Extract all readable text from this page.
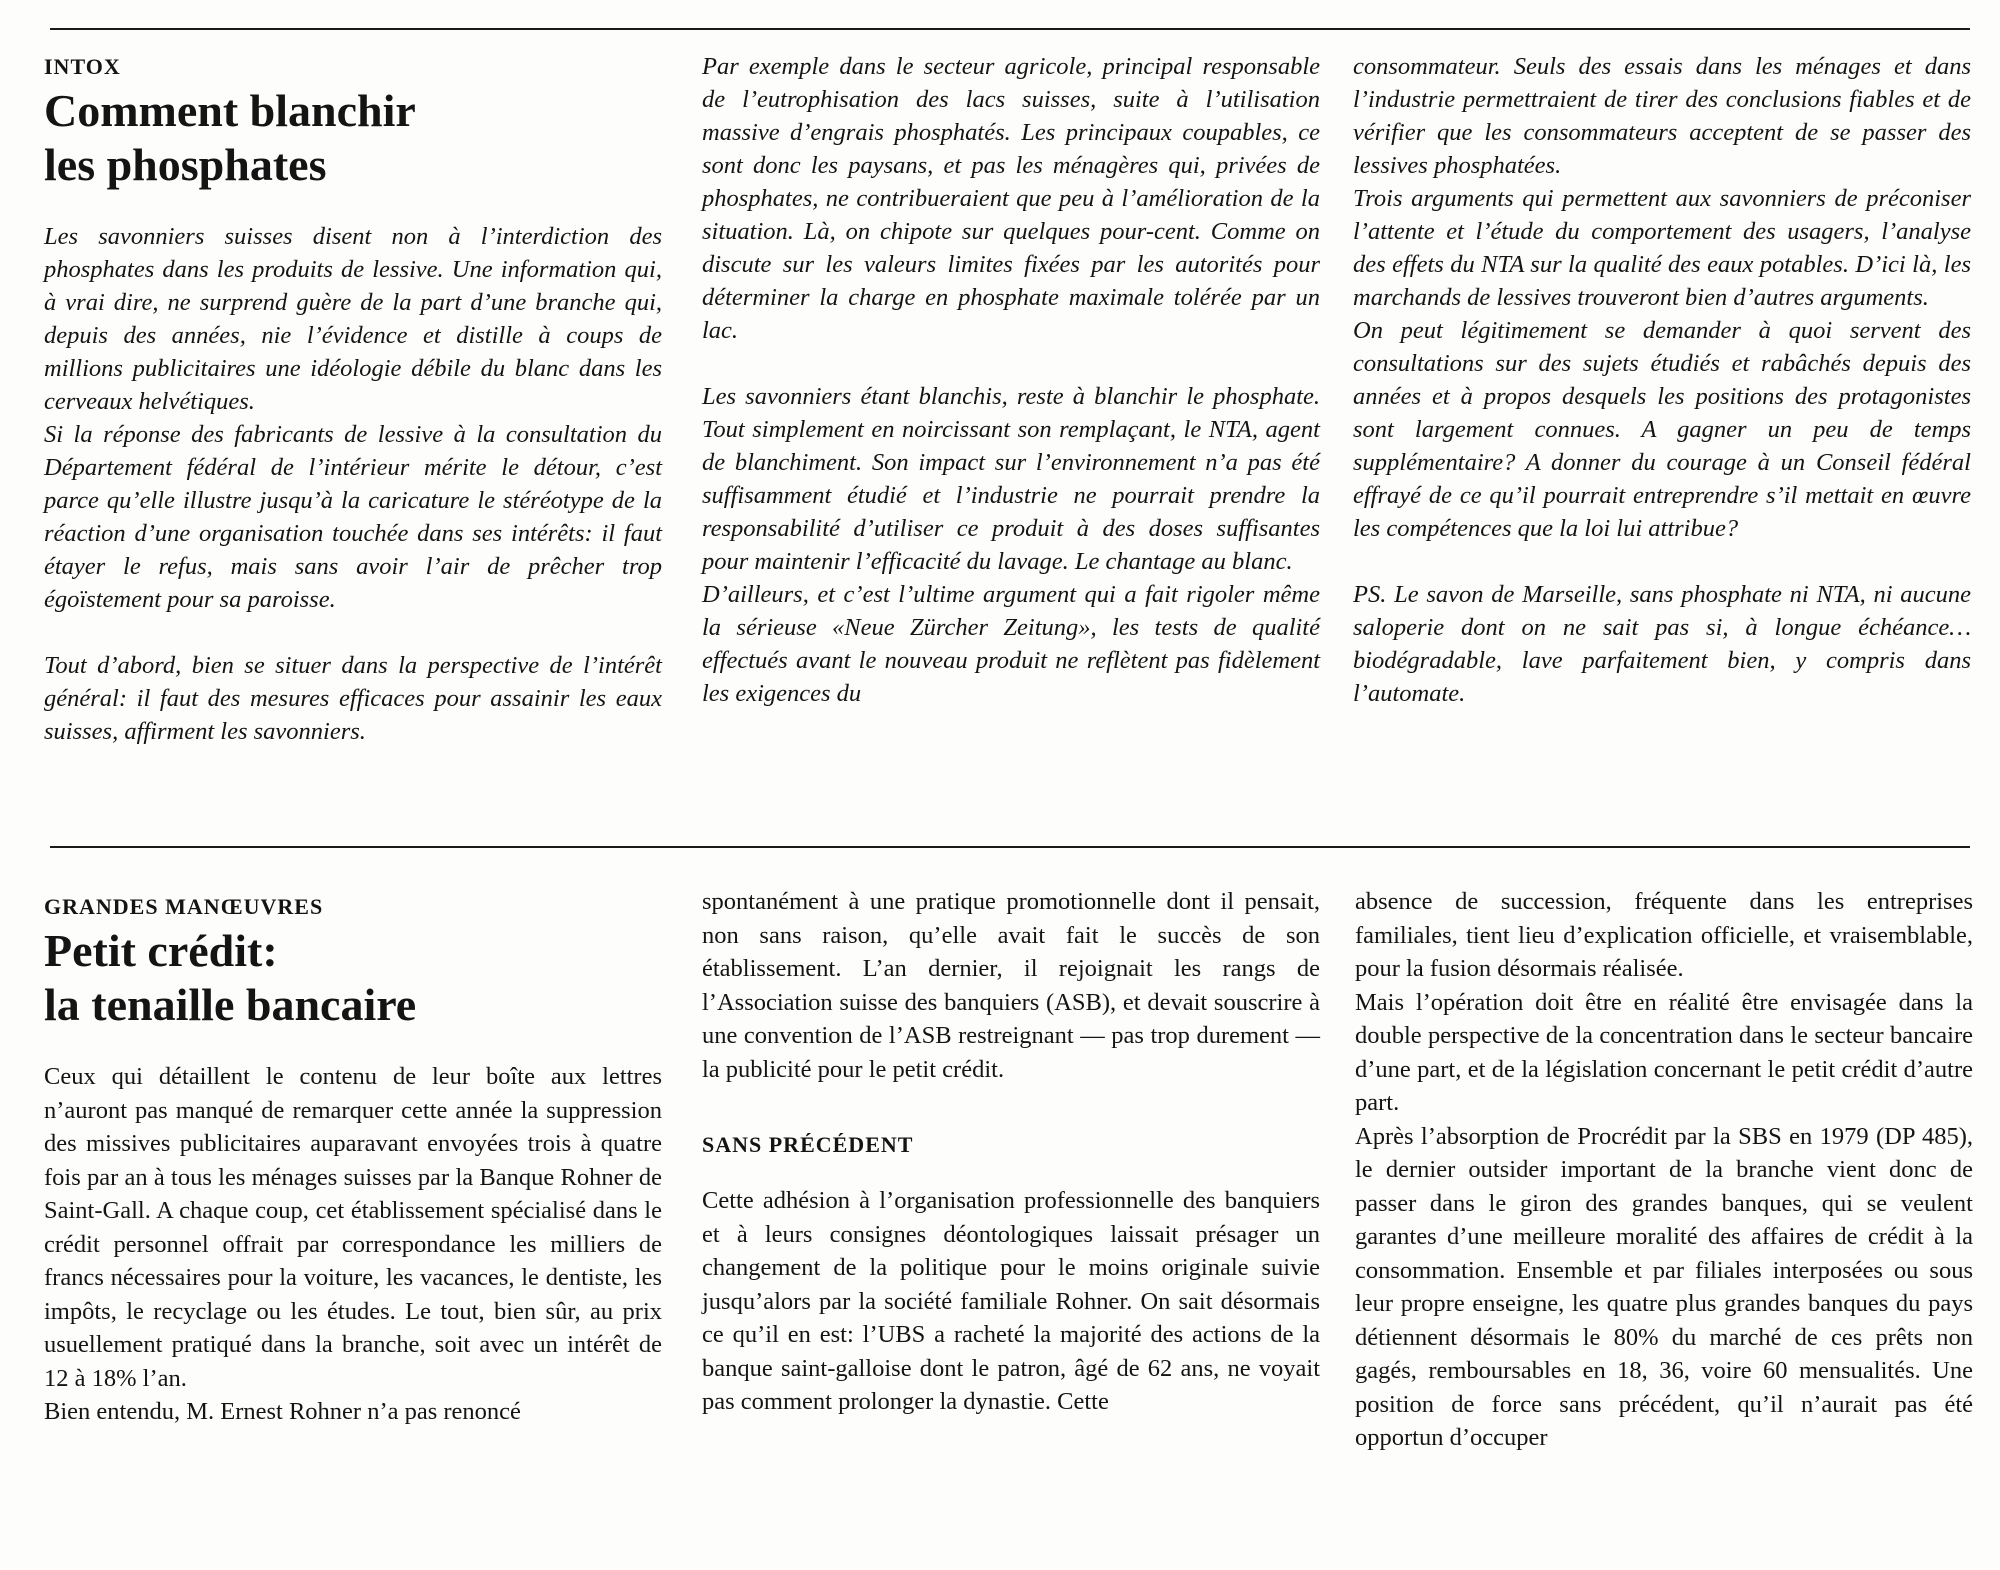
INTOX
Comment blanchir
les phosphates

Les savonniers suisses disent non à l’interdiction des phosphates dans les produits de lessive. Une information qui, à vrai dire, ne surprend guère de la part d’une branche qui, depuis des années, nie l’évidence et distille à coups de millions publicitaires une idéologie débile du blanc dans les cerveaux helvétiques.

Si la réponse des fabricants de lessive à la consultation du Département fédéral de l’intérieur mérite le détour, c’est parce qu’elle illustre jusqu’à la caricature le stéréotype de la réaction d’une organisation touchée dans ses intérêts: il faut étayer le refus, mais sans avoir l’air de prêcher trop égoïstement pour sa paroisse.

Tout d’abord, bien se situer dans la perspective de l’intérêt général: il faut des mesures efficaces pour assainir les eaux suisses, affirment les savonniers.

Par exemple dans le secteur agricole, principal responsable de l’eutrophisation des lacs suisses, suite à l’utilisation massive d’engrais phosphatés. Les principaux coupables, ce sont donc les paysans, et pas les ménagères qui, privées de phosphates, ne contribueraient que peu à l’amélioration de la situation. Là, on chipote sur quelques pour-cent. Comme on discute sur les valeurs limites fixées par les autorités pour déterminer la charge en phosphate maximale tolérée par un lac.

Les savonniers étant blanchis, reste à blanchir le phosphate. Tout simplement en noircissant son remplaçant, le NTA, agent de blanchiment. Son impact sur l’environnement n’a pas été suffisamment étudié et l’industrie ne pourrait prendre la responsabilité d’utiliser ce produit à des doses suffisantes pour maintenir l’efficacité du lavage. Le chantage au blanc.

D’ailleurs, et c’est l’ultime argument qui a fait rigoler même la sérieuse «Neue Zürcher Zeitung», les tests de qualité effectués avant le nouveau produit ne reflètent pas fidèlement les exigences du

consommateur. Seuls des essais dans les ménages et dans l’industrie permettraient de tirer des conclusions fiables et de vérifier que les consommateurs acceptent de se passer des lessives phosphatées.

Trois arguments qui permettent aux savonniers de préconiser l’attente et l’étude du comportement des usagers, l’analyse des effets du NTA sur la qualité des eaux potables. D’ici là, les marchands de lessives trouveront bien d’autres arguments.

On peut légitimement se demander à quoi servent des consultations sur des sujets étudiés et rabâchés depuis des années et à propos desquels les positions des protagonistes sont largement connues. A gagner un peu de temps supplémentaire? A donner du courage à un Conseil fédéral effrayé de ce qu’il pourrait entreprendre s’il mettait en œuvre les compétences que la loi lui attribue?

PS. Le savon de Marseille, sans phosphate ni NTA, ni aucune saloperie dont on ne sait pas si, à longue échéance… biodégradable, lave parfaitement bien, y compris dans l’automate.

GRANDES MANŒUVRES
Petit crédit:
la tenaille bancaire

Ceux qui détaillent le contenu de leur boîte aux lettres n’auront pas manqué de remarquer cette année la suppression des missives publicitaires auparavant envoyées trois à quatre fois par an à tous les ménages suisses par la Banque Rohner de Saint-Gall. A chaque coup, cet établissement spécialisé dans le crédit personnel offrait par correspondance les milliers de francs nécessaires pour la voiture, les vacances, le dentiste, les impôts, le recyclage ou les études. Le tout, bien sûr, au prix usuellement pratiqué dans la branche, soit avec un intérêt de 12 à 18% l’an.

Bien entendu, M. Ernest Rohner n’a pas renoncé

spontanément à une pratique promotionnelle dont il pensait, non sans raison, qu’elle avait fait le succès de son établissement. L’an dernier, il rejoignait les rangs de l’Association suisse des banquiers (ASB), et devait souscrire à une convention de l’ASB restreignant — pas trop durement — la publicité pour le petit crédit.

SANS PRÉCÉDENT

Cette adhésion à l’organisation professionnelle des banquiers et à leurs consignes déontologiques laissait présager un changement de la politique pour le moins originale suivie jusqu’alors par la société familiale Rohner. On sait désormais ce qu’il en est: l’UBS a racheté la majorité des actions de la banque saint-galloise dont le patron, âgé de 62 ans, ne voyait pas comment prolonger la dynastie. Cette

absence de succession, fréquente dans les entreprises familiales, tient lieu d’explication officielle, et vraisemblable, pour la fusion désormais réalisée.

Mais l’opération doit être en réalité être envisagée dans la double perspective de la concentration dans le secteur bancaire d’une part, et de la législation concernant le petit crédit d’autre part.

Après l’absorption de Procrédit par la SBS en 1979 (DP 485), le dernier outsider important de la branche vient donc de passer dans le giron des grandes banques, qui se veulent garantes d’une meilleure moralité des affaires de crédit à la consommation. Ensemble et par filiales interposées ou sous leur propre enseigne, les quatre plus grandes banques du pays détiennent désormais le 80% du marché de ces prêts non gagés, remboursables en 18, 36, voire 60 mensualités. Une position de force sans précédent, qu’il n’aurait pas été opportun d’occuper
